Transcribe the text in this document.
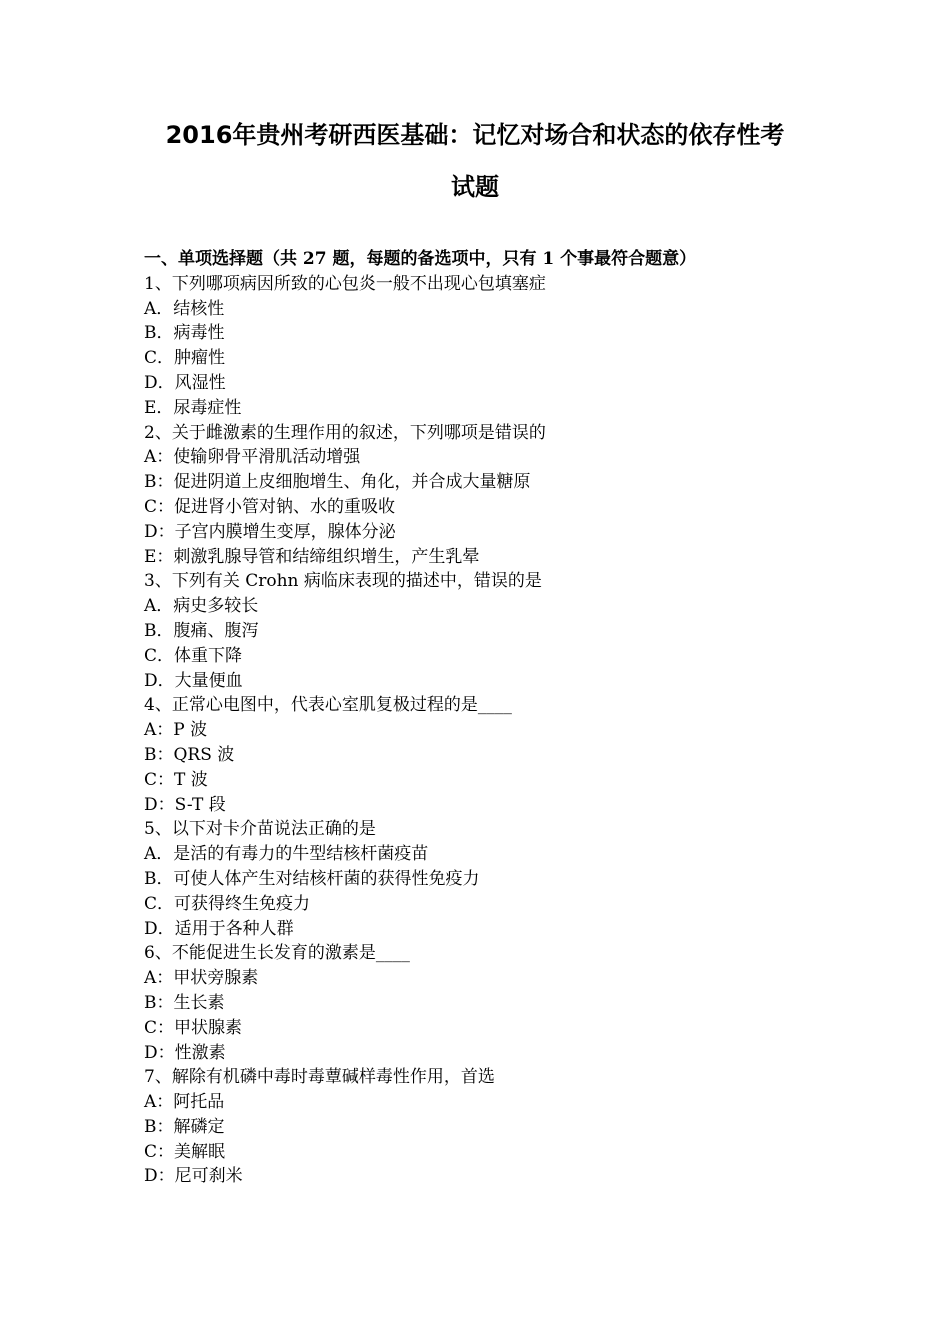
2016年贵州考研西医基础：记忆对场合和状态的依存性考
试题
一、单项选择题（共 27 题，每题的备选项中，只有 1 个事最符合题意）
1、下列哪项病因所致的心包炎一般不出现心包填塞症
A．结核性
B．病毒性
C．肿瘤性
D．风湿性
E．尿毒症性
2、关于雌激素的生理作用的叙述，下列哪项是错误的
A：使输卵骨平滑肌活动增强
B：促进阴道上皮细胞增生、角化，并合成大量糖原
C：促进肾小管对钠、水的重吸收
D：子宫内膜增生变厚，腺体分泌
E：刺激乳腺导管和结缔组织增生，产生乳晕
3、下列有关 Crohn 病临床表现的描述中，错误的是
A．病史多较长
B．腹痛、腹泻
C．体重下降
D．大量便血
4、正常心电图中，代表心室肌复极过程的是____
A：P 波
B：QRS 波
C：T 波
D：S-T 段
5、以下对卡介苗说法正确的是
A．是活的有毒力的牛型结核杆菌疫苗
B．可使人体产生对结核杆菌的获得性免疫力
C．可获得终生免疫力
D．适用于各种人群
6、不能促进生长发育的激素是____
A：甲状旁腺素
B：生长素
C：甲状腺素
D：性激素
7、解除有机磷中毒时毒蕈碱样毒性作用，首选
A：阿托品
B：解磷定
C：美解眠
D：尼可刹米
